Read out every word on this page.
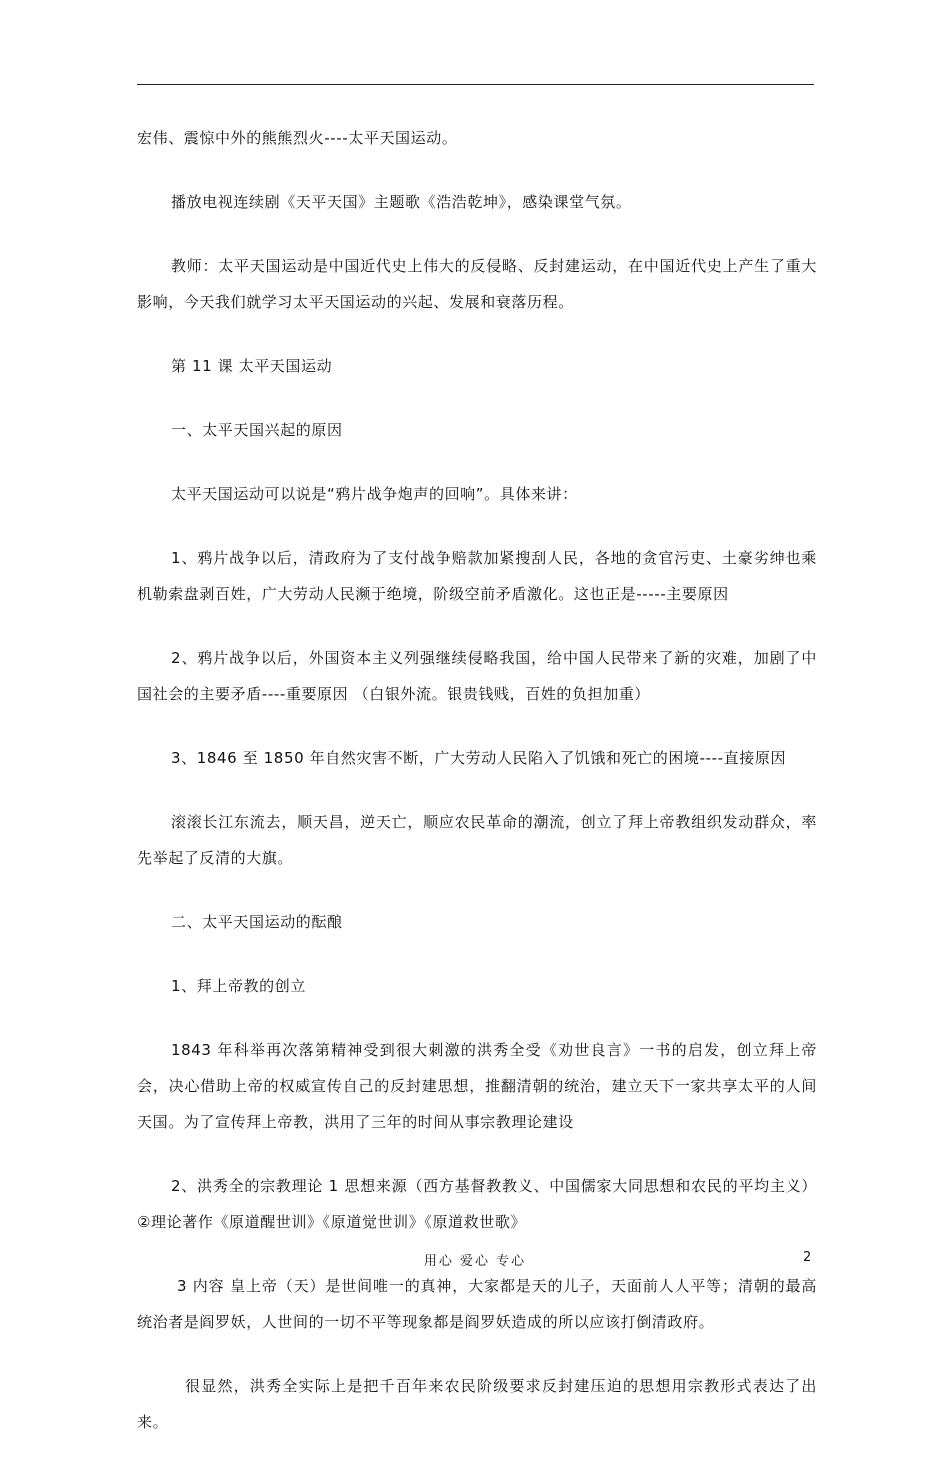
宏伟、震惊中外的熊熊烈火----太平天国运动。

播放电视连续剧《天平天国》主题歌《浩浩乾坤》，感染课堂气氛。

教师：太平天国运动是中国近代史上伟大的反侵略、反封建运动，在中国近代史上产生了重大影响，今天我们就学习太平天国运动的兴起、发展和衰落历程。

第 11 课 太平天国运动

一、太平天国兴起的原因

太平天国运动可以说是“鸦片战争炮声的回响”。具体来讲：

1、鸦片战争以后，清政府为了支付战争赔款加紧搜刮人民，各地的贪官污吏、土豪劣绅也乘机勒索盘剥百姓，广大劳动人民濒于绝境，阶级空前矛盾激化。这也正是-----主要原因

2、鸦片战争以后，外国资本主义列强继续侵略我国，给中国人民带来了新的灾难，加剧了中国社会的主要矛盾----重要原因 （白银外流。银贵钱贱，百姓的负担加重）

3、1846 至 1850 年自然灾害不断，广大劳动人民陷入了饥饿和死亡的困境----直接原因

滚滚长江东流去，顺天昌，逆天亡，顺应农民革命的潮流，创立了拜上帝教组织发动群众，率先举起了反清的大旗。

二、太平天国运动的酝酿

1、拜上帝教的创立

1843 年科举再次落第精神受到很大刺激的洪秀全受《劝世良言》一书的启发，创立拜上帝会，决心借助上帝的权威宣传自己的反封建思想，推翻清朝的统治，建立天下一家共享太平的人间天国。为了宣传拜上帝教，洪用了三年的时间从事宗教理论建设

2、洪秀全的宗教理论 1 思想来源（西方基督教教义、中国儒家大同思想和农民的平均主义） ②理论著作《原道醒世训》《原道觉世训》《原道救世歌》

3 内容 皇上帝（天）是世间唯一的真神，大家都是天的儿子，天面前人人平等；清朝的最高统治者是阎罗妖，人世间的一切不平等现象都是阎罗妖造成的所以应该打倒清政府。

很显然，洪秀全实际上是把千百年来农民阶级要求反封建压迫的思想用宗教形式表达了出来。

用心 爱心 专心	2
